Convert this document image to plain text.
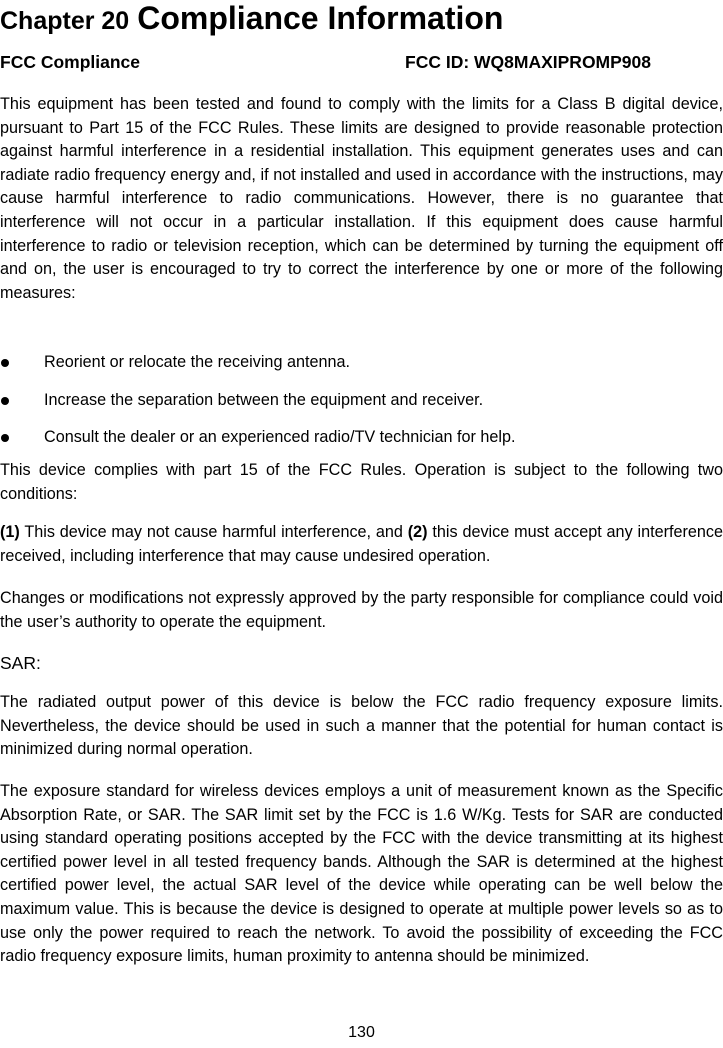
Chapter 20 Compliance Information
FCC Compliance	FCC ID: WQ8MAXIPROMP908
This equipment has been tested and found to comply with the limits for a Class B digital device, pursuant to Part 15 of the FCC Rules. These limits are designed to provide reasonable protection against harmful interference in a residential installation. This equipment generates uses and can radiate radio frequency energy and, if not installed and used in accordance with the instructions, may cause harmful interference to radio communications. However, there is no guarantee that interference will not occur in a particular installation. If this equipment does cause harmful interference to radio or television reception, which can be determined by turning the equipment off and on, the user is encouraged to try to correct the interference by one or more of the following measures:
Reorient or relocate the receiving antenna.
Increase the separation between the equipment and receiver.
Consult the dealer or an experienced radio/TV technician for help.
This device complies with part 15 of the FCC Rules. Operation is subject to the following two conditions:
(1) This device may not cause harmful interference, and (2) this device must accept any interference received, including interference that may cause undesired operation.
Changes or modifications not expressly approved by the party responsible for compliance could void the user’s authority to operate the equipment.
SAR:
The radiated output power of this device is below the FCC radio frequency exposure limits. Nevertheless, the device should be used in such a manner that the potential for human contact is minimized during normal operation.
The exposure standard for wireless devices employs a unit of measurement known as the Specific Absorption Rate, or SAR. The SAR limit set by the FCC is 1.6 W/Kg. Tests for SAR are conducted using standard operating positions accepted by the FCC with the device transmitting at its highest certified power level in all tested frequency bands. Although the SAR is determined at the highest certified power level, the actual SAR level of the device while operating can be well below the maximum value. This is because the device is designed to operate at multiple power levels so as to use only the power required to reach the network. To avoid the possibility of exceeding the FCC radio frequency exposure limits, human proximity to antenna should be minimized.
130
